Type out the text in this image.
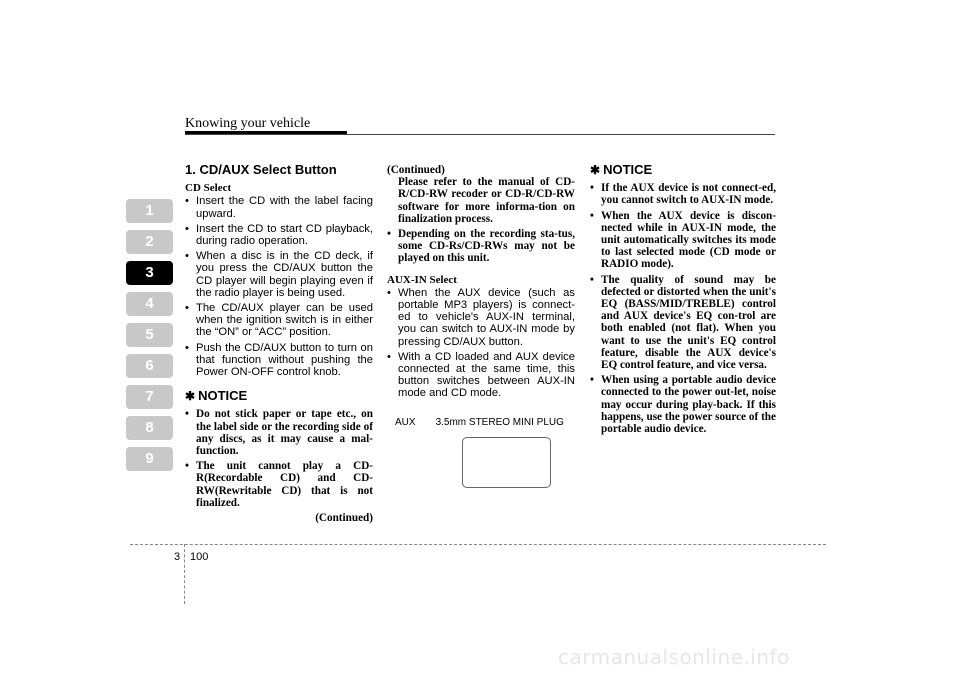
Knowing your vehicle
1
2
3
4
5
6
7
8
9
1. CD/AUX Select Button
CD Select
• Insert the CD with the label facing upward.
• Insert the CD to start CD playback, during radio operation.
• When a disc is in the CD deck, if you press the CD/AUX button the CD player will begin playing even if the radio player is being used.
• The CD/AUX player can be used when the ignition switch is in either the “ON” or “ACC” position.
• Push the CD/AUX button to turn on that function without pushing the Power ON-OFF control knob.
✱ NOTICE
• Do not stick paper or tape etc., on the label side or the recording side of any discs, as it may cause a mal-function.
• The unit cannot play a CD-R(Recordable CD) and CD-RW(Rewritable CD) that is not finalized.
(Continued)
(Continued)
Please refer to the manual of CD-R/CD-RW recoder or CD-R/CD-RW software for more informa-tion on finalization process.
• Depending on the recording sta-tus, some CD-Rs/CD-RWs may not be played on this unit.
AUX-IN Select
• When the AUX device (such as portable MP3 players) is connect-ed to vehicle's AUX-IN terminal, you can switch to AUX-IN mode by pressing CD/AUX button.
• With a CD loaded and AUX device connected at the same time, this button switches between AUX-IN mode and CD mode.
AUX 3.5mm STEREO MINI PLUG
✱ NOTICE
• If the AUX device is not connect-ed, you cannot switch to AUX-IN mode.
• When the AUX device is discon-nected while in AUX-IN mode, the unit automatically switches its mode to last selected mode (CD mode or RADIO mode).
• The quality of sound may be defected or distorted when the unit's EQ (BASS/MID/TREBLE) control and AUX device's EQ con-trol are both enabled (not flat). When you want to use the unit's EQ control feature, disable the AUX device's EQ control feature, and vice versa.
• When using a portable audio device connected to the power out-let, noise may occur during play-back. If this happens, use the power source of the portable audio device.
3 100
carmanualsonline.info
